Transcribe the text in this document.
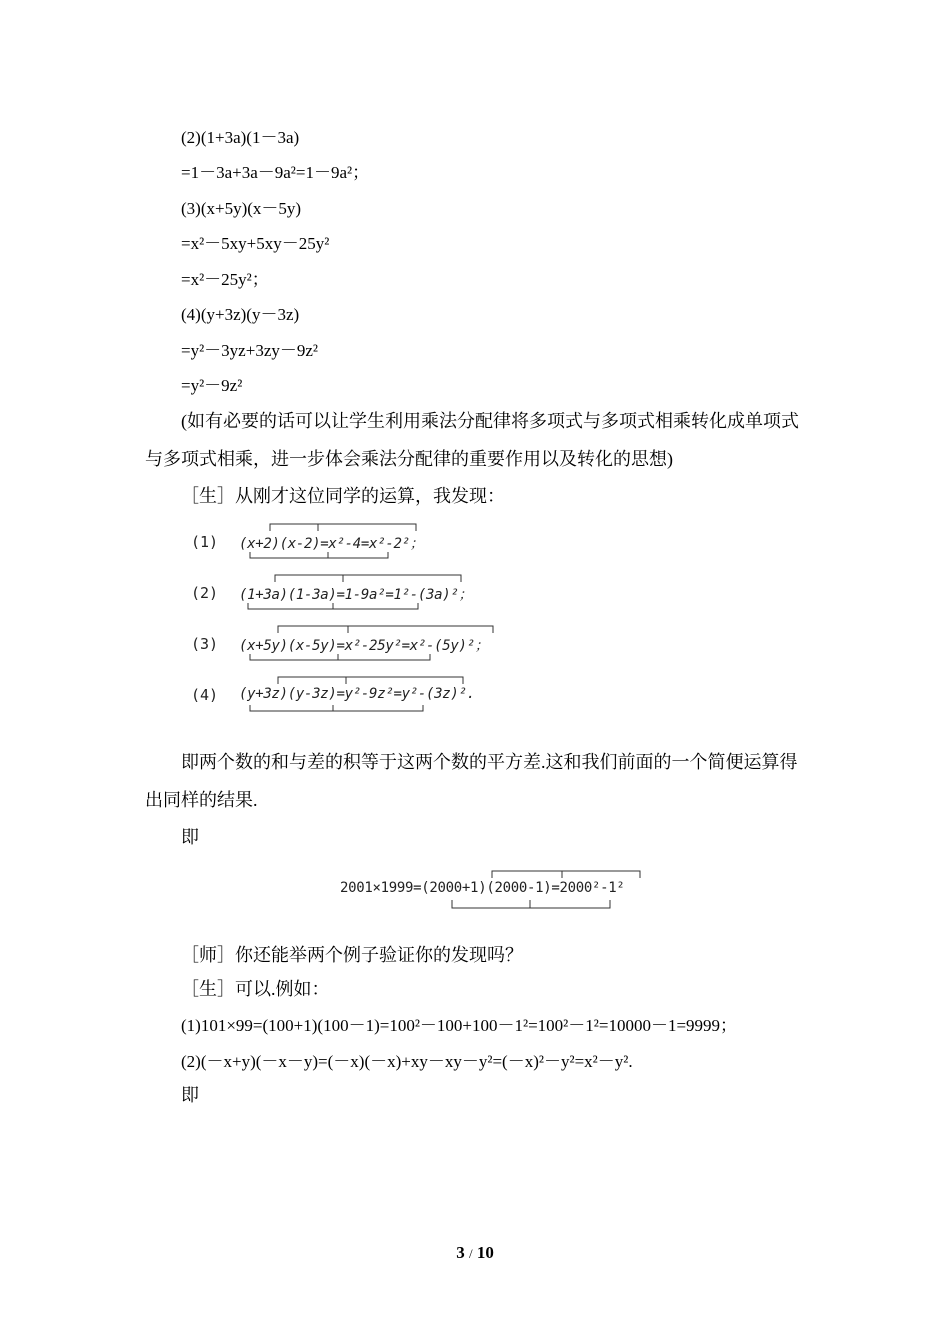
(2)(1+3a)(1－3a)
=1－3a+3a－9a²=1－9a²；
(3)(x+5y)(x－5y)
=x²－5xy+5xy－25y²
=x²－25y²；
(4)(y+3z)(y－3z)
=y²－3yz+3zy－9z²
=y²－9z²
(如有必要的话可以让学生利用乘法分配律将多项式与多项式相乘转化成单项式与多项式相乘，进一步体会乘法分配律的重要作用以及转化的思想)
［生］从刚才这位同学的运算，我发现：
(1) (x+2)(x-2)=x²-4=x²-2²；
(2) (1+3a)(1-3a)=1-9a²=1²-(3a)²；
(3) (x+5y)(x-5y)=x²-25y²=x²-(5y)²；
(4) (y+3z)(y-3z)=y²-9z²=y²-(3z)².
即两个数的和与差的积等于这两个数的平方差.这和我们前面的一个简便运算得出同样的结果.
即
2001×1999=(2000+1)(2000-1)=2000²-1²
［师］你还能举两个例子验证你的发现吗？
［生］可以.例如：
(1)101×99=(100+1)(100－1)=100²－100+100－1²=100²－1²=10000－1=9999；
(2)(－x+y)(－x－y)=(－x)(－x)+xy－xy－y²=(－x)²－y²=x²－y².
即
3 / 10
